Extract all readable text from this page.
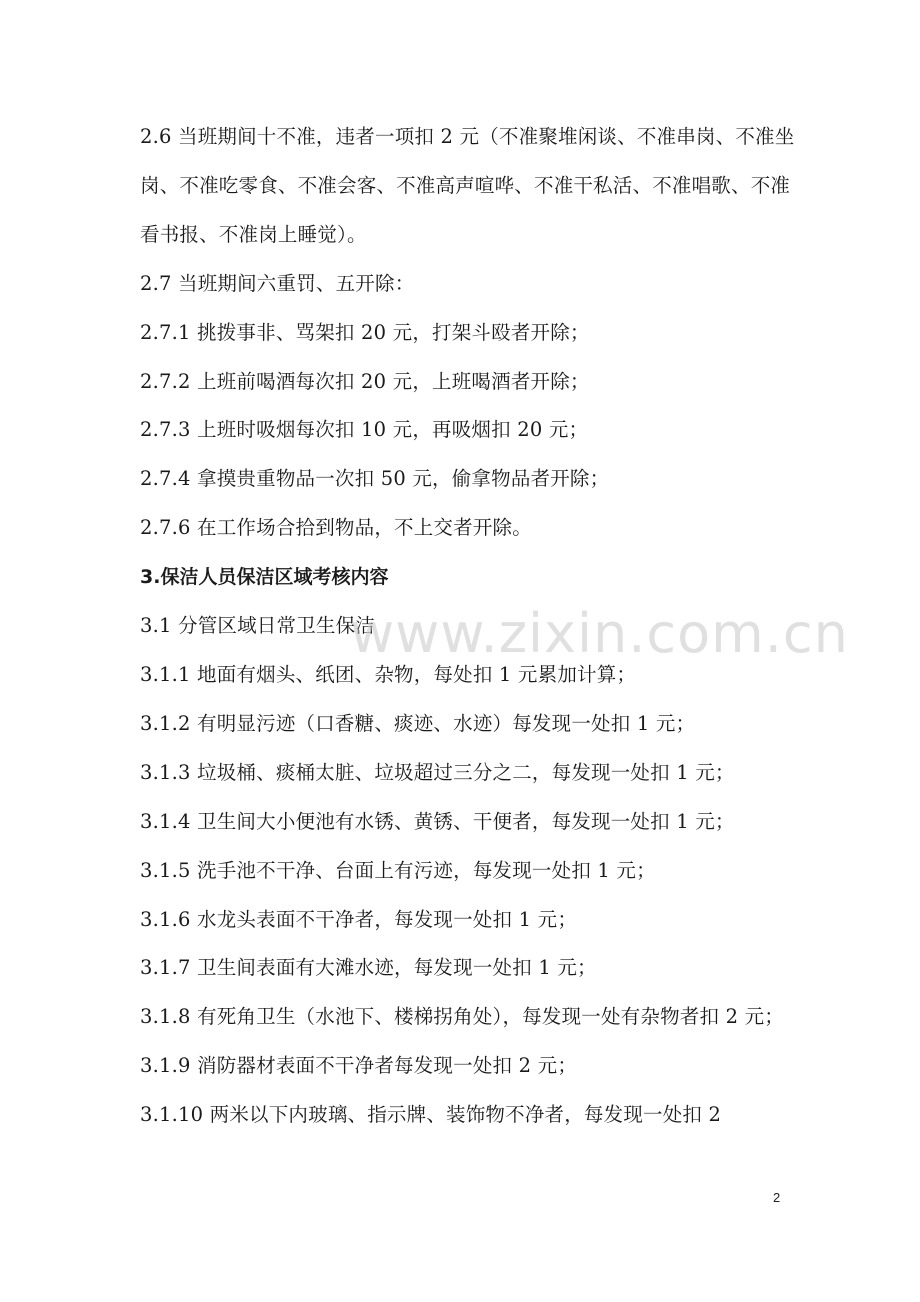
2.6 当班期间十不准，违者一项扣 2 元（不准聚堆闲谈、不准串岗、不准坐岗、不准吃零食、不准会客、不准高声喧哗、不准干私活、不准唱歌、不准看书报、不准岗上睡觉）。

2.7 当班期间六重罚、五开除：

2.7.1 挑拨事非、骂架扣 20 元，打架斗殴者开除；

2.7.2 上班前喝酒每次扣 20 元，上班喝酒者开除；

2.7.3 上班时吸烟每次扣 10 元，再吸烟扣 20 元；

2.7.4 拿摸贵重物品一次扣 50 元，偷拿物品者开除；

2.7.6 在工作场合拾到物品，不上交者开除。

3.保洁人员保洁区域考核内容

3.1 分管区域日常卫生保洁

3.1.1 地面有烟头、纸团、杂物，每处扣 1 元累加计算；

3.1.2 有明显污迹（口香糖、痰迹、水迹）每发现一处扣 1 元；

3.1.3 垃圾桶、痰桶太脏、垃圾超过三分之二，每发现一处扣 1 元；

3.1.4 卫生间大小便池有水锈、黄锈、干便者，每发现一处扣 1 元；

3.1.5 洗手池不干净、台面上有污迹，每发现一处扣 1 元；

3.1.6 水龙头表面不干净者，每发现一处扣 1 元；

3.1.7 卫生间表面有大滩水迹，每发现一处扣 1 元；

3.1.8 有死角卫生（水池下、楼梯拐角处），每发现一处有杂物者扣 2 元；

3.1.9 消防器材表面不干净者每发现一处扣 2 元；

3.1.10 两米以下内玻璃、指示牌、装饰物不净者，每发现一处扣 2

www.zixin.com.cn
2
